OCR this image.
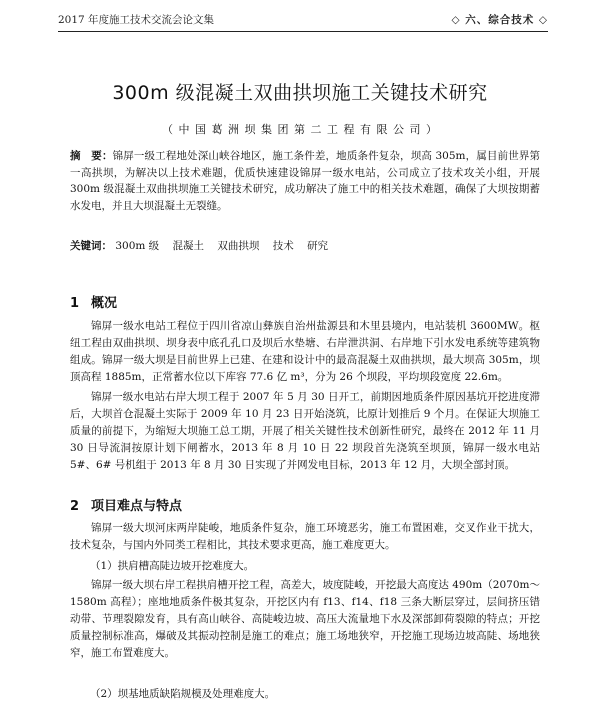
2017 年度施工技术交流会论文集	◇ 六、综合技术 ◇
300m 级混凝土双曲拱坝施工关键技术研究
（ 中 国 葛 洲 坝 集 团 第 二 工 程 有 限 公 司 ）
摘　要：锦屏一级工程地处深山峡谷地区，施工条件差，地质条件复杂，坝高 305m，属目前世界第一高拱坝，为解决以上技术难题，优质快速建设锦屏一级水电站，公司成立了技术攻关小组，开展 300m 级混凝土双曲拱坝施工关键技术研究，成功解决了施工中的相关技术难题，确保了大坝按期蓄水发电，并且大坝混凝土无裂缝。
关键词： 300m 级 混凝土 双曲拱坝 技术 研究
1 概况

锦屏一级水电站工程位于四川省凉山彝族自治州盐源县和木里县境内，电站装机 3600MW。枢纽工程由双曲拱坝、坝身表中底孔孔口及坝后水垫塘、右岸泄洪洞、右岸地下引水发电系统等建筑物组成。锦屏一级大坝是目前世界上已建、在建和设计中的最高混凝土双曲拱坝，最大坝高 305m，坝顶高程 1885m，正常蓄水位以下库容 77.6 亿 m³，分为 26 个坝段，平均坝段宽度 22.6m。

锦屏一级水电站右岸大坝工程于 2007 年 5 月 30 日开工，前期因地质条件原因基坑开挖进度滞后，大坝首仓混凝土实际于 2009 年 10 月 23 日开始浇筑，比原计划推后 9 个月。在保证大坝施工质量的前提下，为缩短大坝施工总工期，开展了相关关键性技术创新性研究，最终在 2012 年 11 月 30 日导流洞按原计划下闸蓄水，2013 年 8 月 10 日 22 坝段首先浇筑至坝顶，锦屏一级水电站 5#、6# 号机组于 2013 年 8 月 30 日实现了并网发电目标，2013 年 12 月，大坝全部封顶。

2 项目难点与特点

锦屏一级大坝河床两岸陡峻，地质条件复杂，施工环境恶劣，施工布置困难，交叉作业干扰大，技术复杂，与国内外同类工程相比，其技术要求更高，施工难度更大。

（1）拱肩槽高陡边坡开挖难度大。

锦屏一级大坝右岸工程拱肩槽开挖工程，高差大，坡度陡峻，开挖最大高度达 490m（2070m～1580m 高程）；座地地质条件极其复杂，开挖区内有 f13、f14、f18 三条大断层穿过，层间挤压错动带、节理裂隙发育，具有高山峡谷、高陡峻边坡、高压大流量地下水及深部卸荷裂隙的特点；开挖质量控制标准高，爆破及其振动控制是施工的难点；施工场地狭窄，开挖施工现场边坡高陡、场地狭窄，施工布置难度大。

（2）坝基地质缺陷规模及处理难度大。
